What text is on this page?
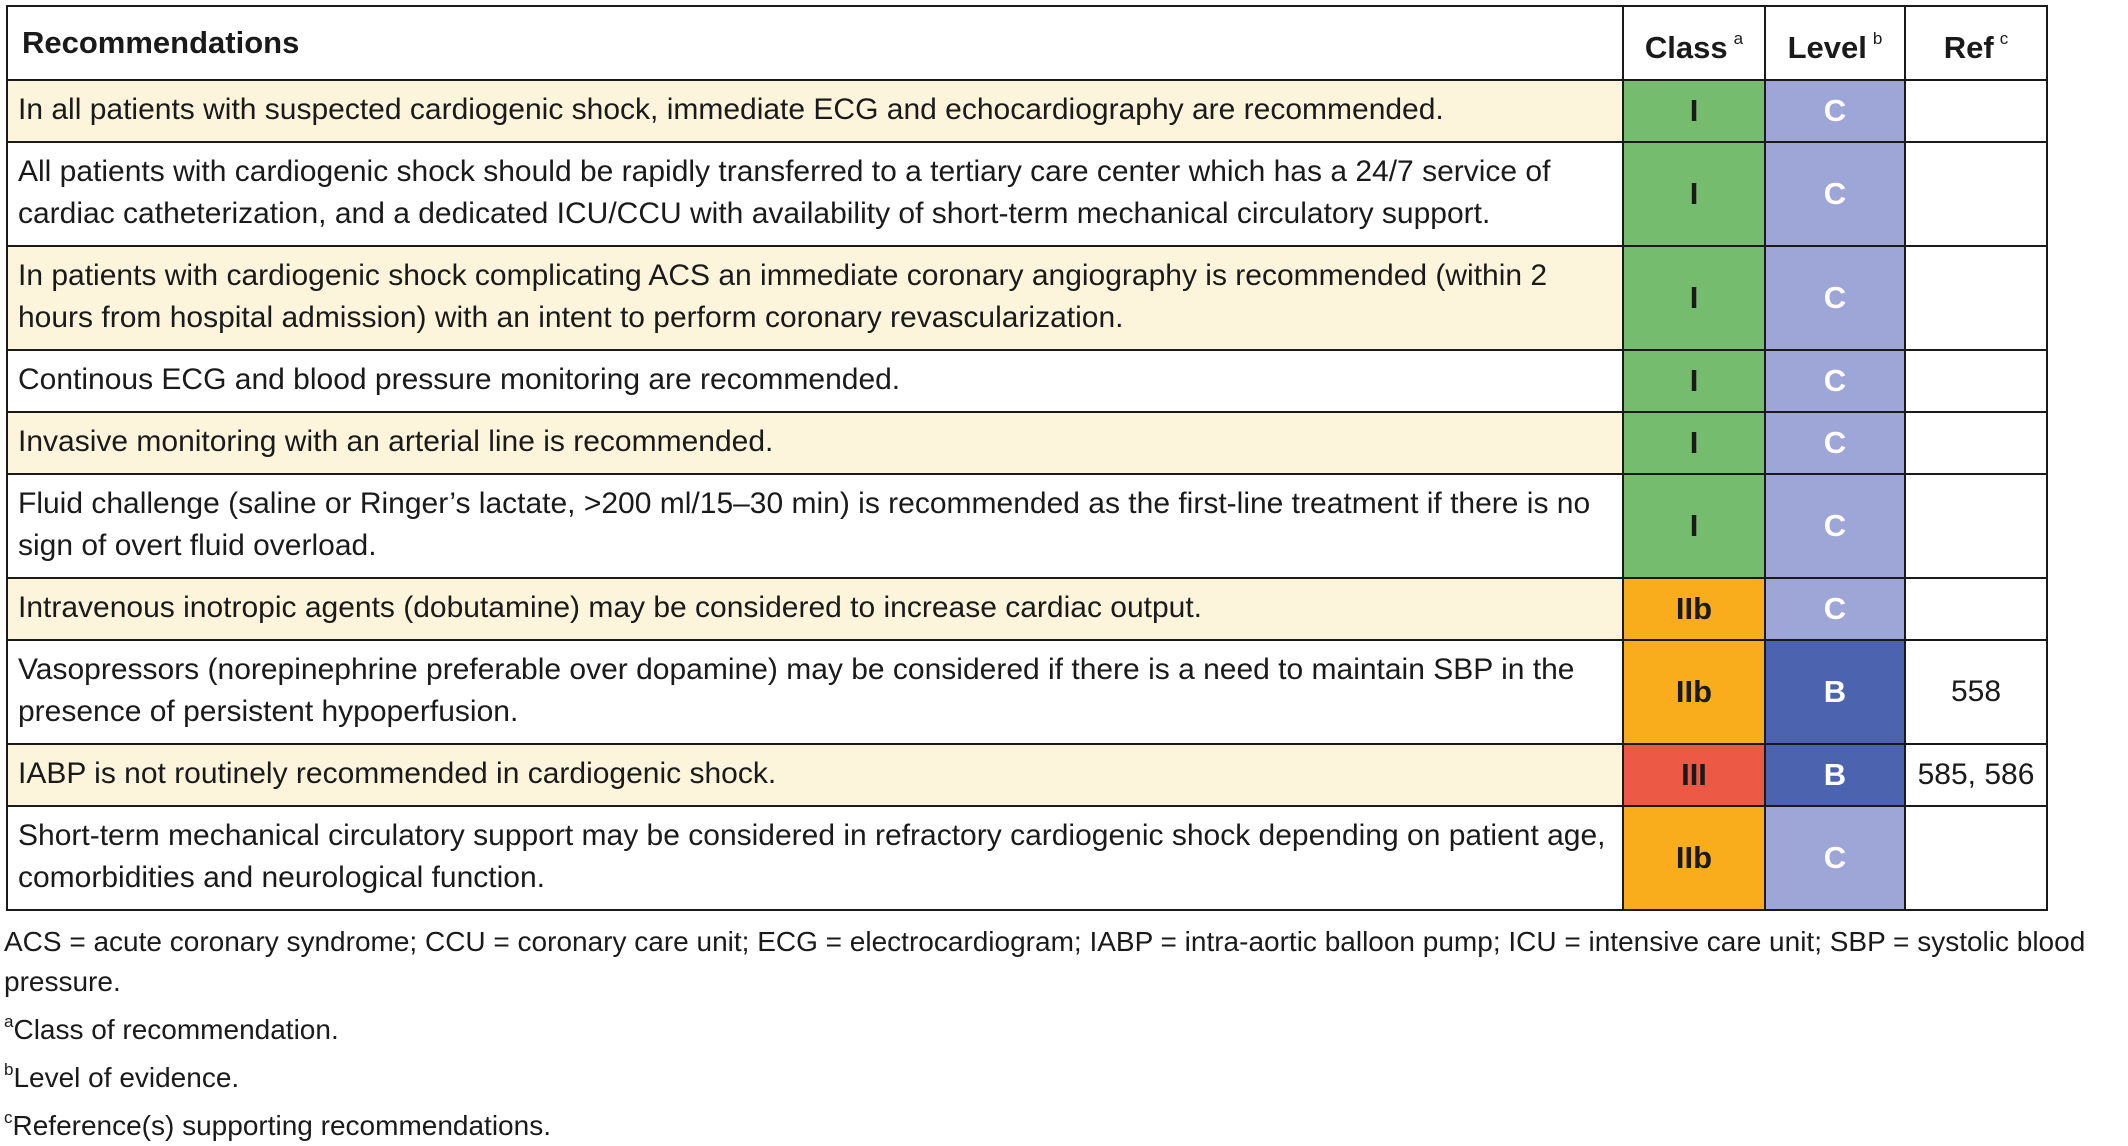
Recommendations	Class $^a$	Level $^b$	Ref $^c$
In all patients with suspected cardiogenic shock, immediate ECG and echocardiography are recommended.	I	C	
All patients with cardiogenic shock should be rapidly transferred to a tertiary care center which has a 24/7 service of cardiac catheterization, and a dedicated ICU/CCU with availability of short-term mechanical circulatory support.	I	C	
In patients with cardiogenic shock complicating ACS an immediate coronary angiography is recommended (within 2 hours from hospital admission) with an intent to perform coronary revascularization.	I	C	
Continous ECG and blood pressure monitoring are recommended.	I	C	
Invasive monitoring with an arterial line is recommended.	I	C	
Fluid challenge (saline or Ringer’s lactate, >200 ml/15–30 min) is recommended as the first-line treatment if there is no sign of overt fluid overload.	I	C	
Intravenous inotropic agents (dobutamine) may be considered to increase cardiac output.	IIb	C	
Vasopressors (norepinephrine preferable over dopamine) may be considered if there is a need to maintain SBP in the presence of persistent hypoperfusion.	IIb	B	558
IABP is not routinely recommended in cardiogenic shock.	III	B	585, 586
Short-term mechanical circulatory support may be considered in refractory cardiogenic shock depending on patient age, comorbidities and neurological function.	IIb	C	

ACS = acute coronary syndrome; CCU = coronary care unit; ECG = electrocardiogram; IABP = intra-aortic balloon pump; ICU = intensive care unit; SBP = systolic blood pressure.

$^a$Class of recommendation.

$^b$Level of evidence.

$^c$Reference(s) supporting recommendations.
